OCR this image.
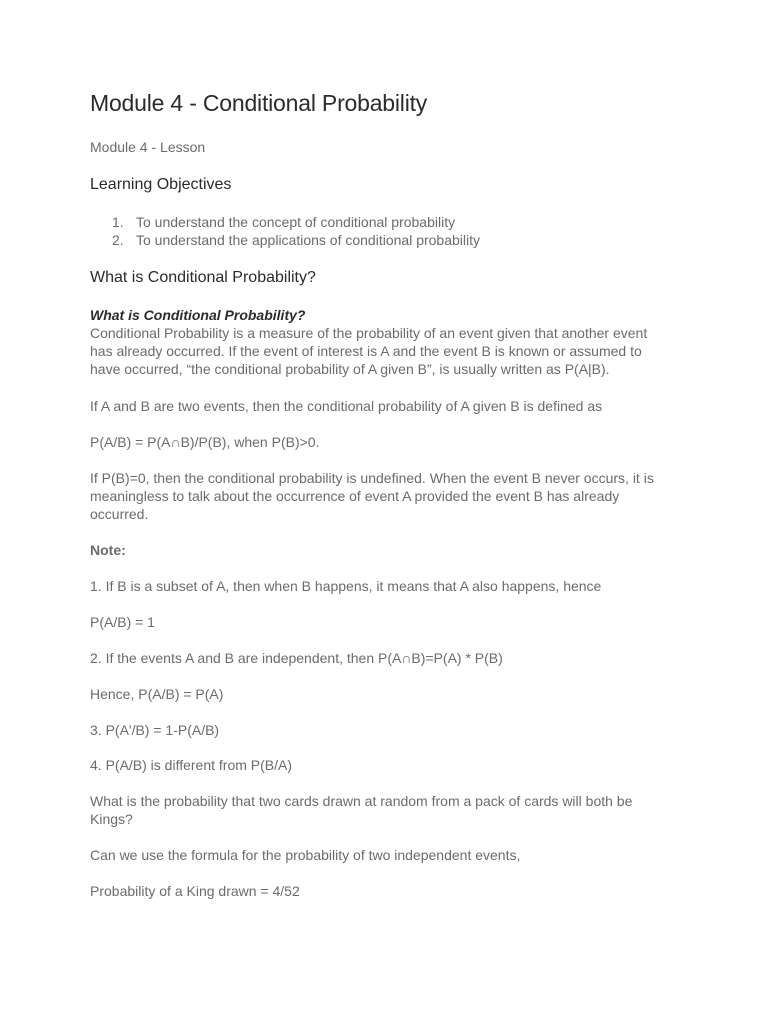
Module 4 - Conditional Probability
Module 4 - Lesson
Learning Objectives
1. To understand the concept of conditional probability
2. To understand the applications of conditional probability
What is Conditional Probability?
What is Conditional Probability?
Conditional Probability is a measure of the probability of an event given that another event
has already occurred. If the event of interest is A and the event B is known or assumed to
have occurred, “the conditional probability of A given B”, is usually written as P(A|B).
If A and B are two events, then the conditional probability of A given B is defined as
P(A/B) = P(A∩B)/P(B), when P(B)>0.
If P(B)=0, then the conditional probability is undefined. When the event B never occurs, it is
meaningless to talk about the occurrence of event A provided the event B has already
occurred.
Note:
1. If B is a subset of A, then when B happens, it means that A also happens, hence
P(A/B) = 1
2. If the events A and B are independent, then P(A∩B)=P(A) * P(B)
Hence, P(A/B) = P(A)
3. P(A'/B) = 1-P(A/B)
4. P(A/B) is different from P(B/A)
What is the probability that two cards drawn at random from a pack of cards will both be
Kings?
Can we use the formula for the probability of two independent events,
Probability of a King drawn = 4/52
